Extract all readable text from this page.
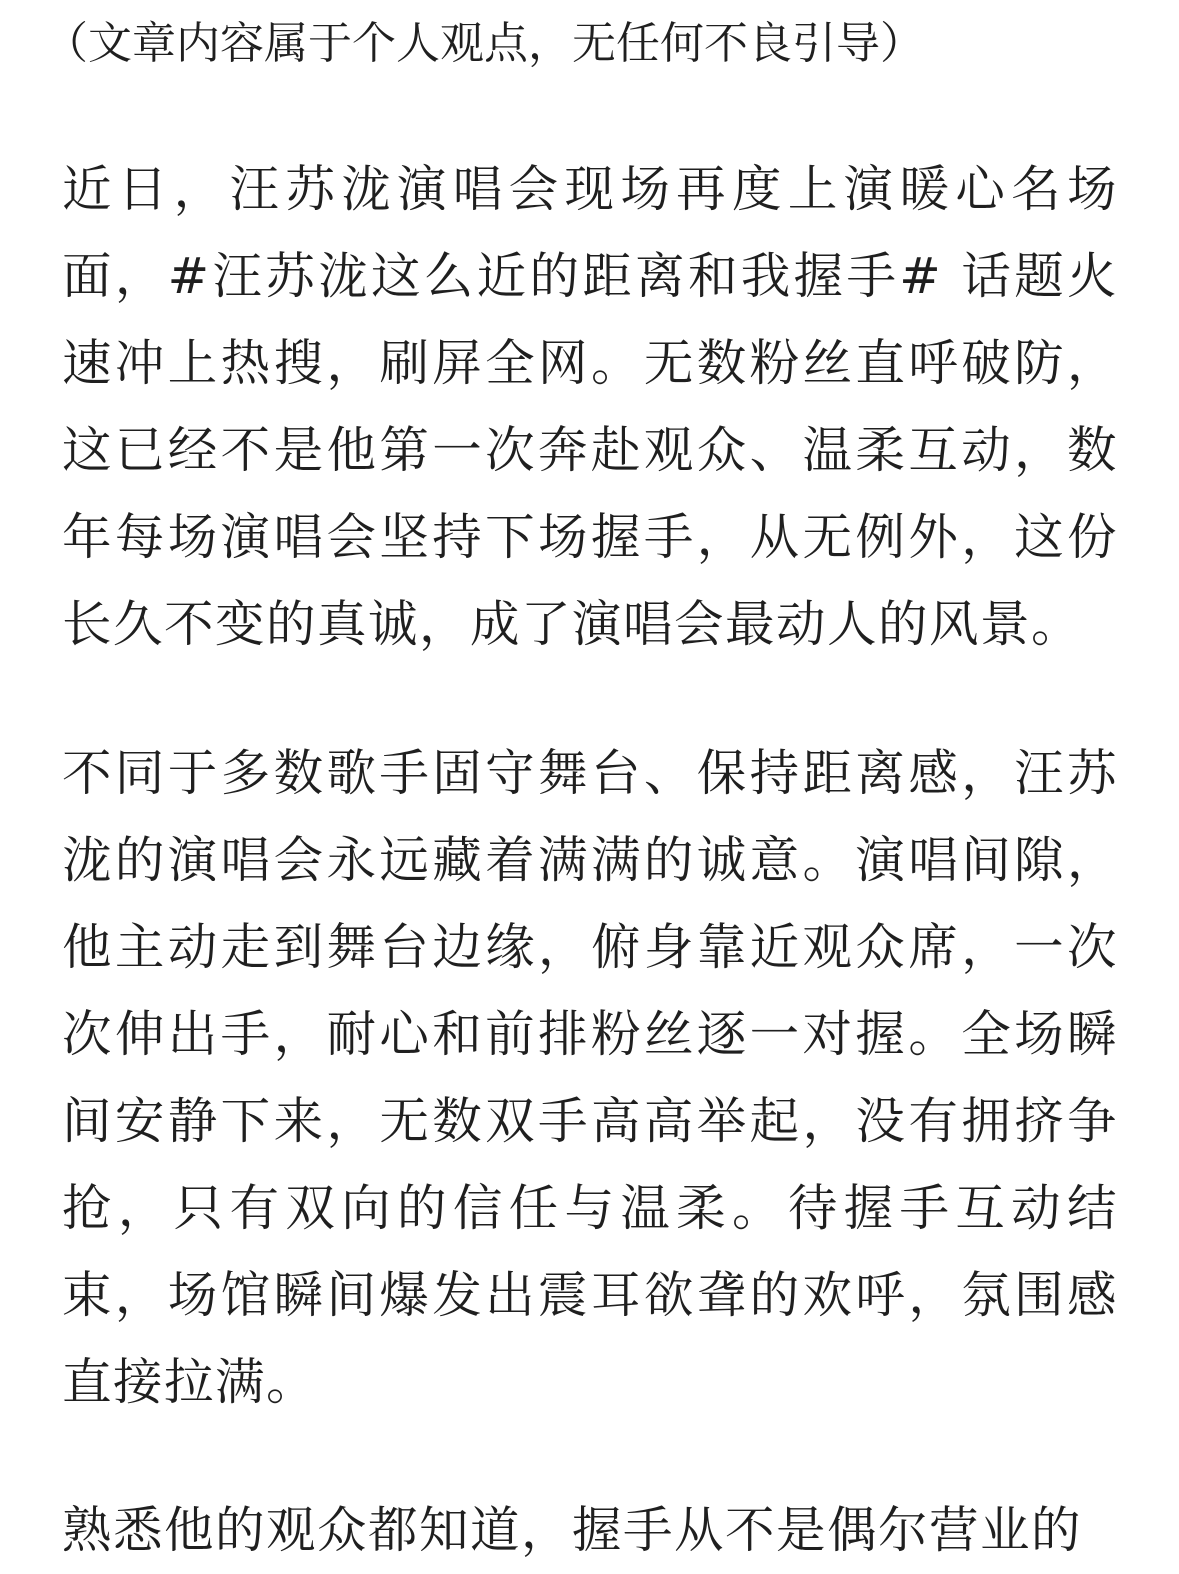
（文章内容属于个人观点，无任何不良引导）

近日，汪苏泷演唱会现场再度上演暖心名场面，#汪苏泷这么近的距离和我握手# 话题火速冲上热搜，刷屏全网。无数粉丝直呼破防，这已经不是他第一次奔赴观众、温柔互动，数年每场演唱会坚持下场握手，从无例外，这份长久不变的真诚，成了演唱会最动人的风景。

不同于多数歌手固守舞台、保持距离感，汪苏泷的演唱会永远藏着满满的诚意。演唱间隙，他主动走到舞台边缘，俯身靠近观众席，一次次伸出手，耐心和前排粉丝逐一对握。全场瞬间安静下来，无数双手高高举起，没有拥挤争抢，只有双向的信任与温柔。待握手互动结束，场馆瞬间爆发出震耳欲聋的欢呼，氛围感直接拉满。

熟悉他的观众都知道，握手从不是偶尔营业的
